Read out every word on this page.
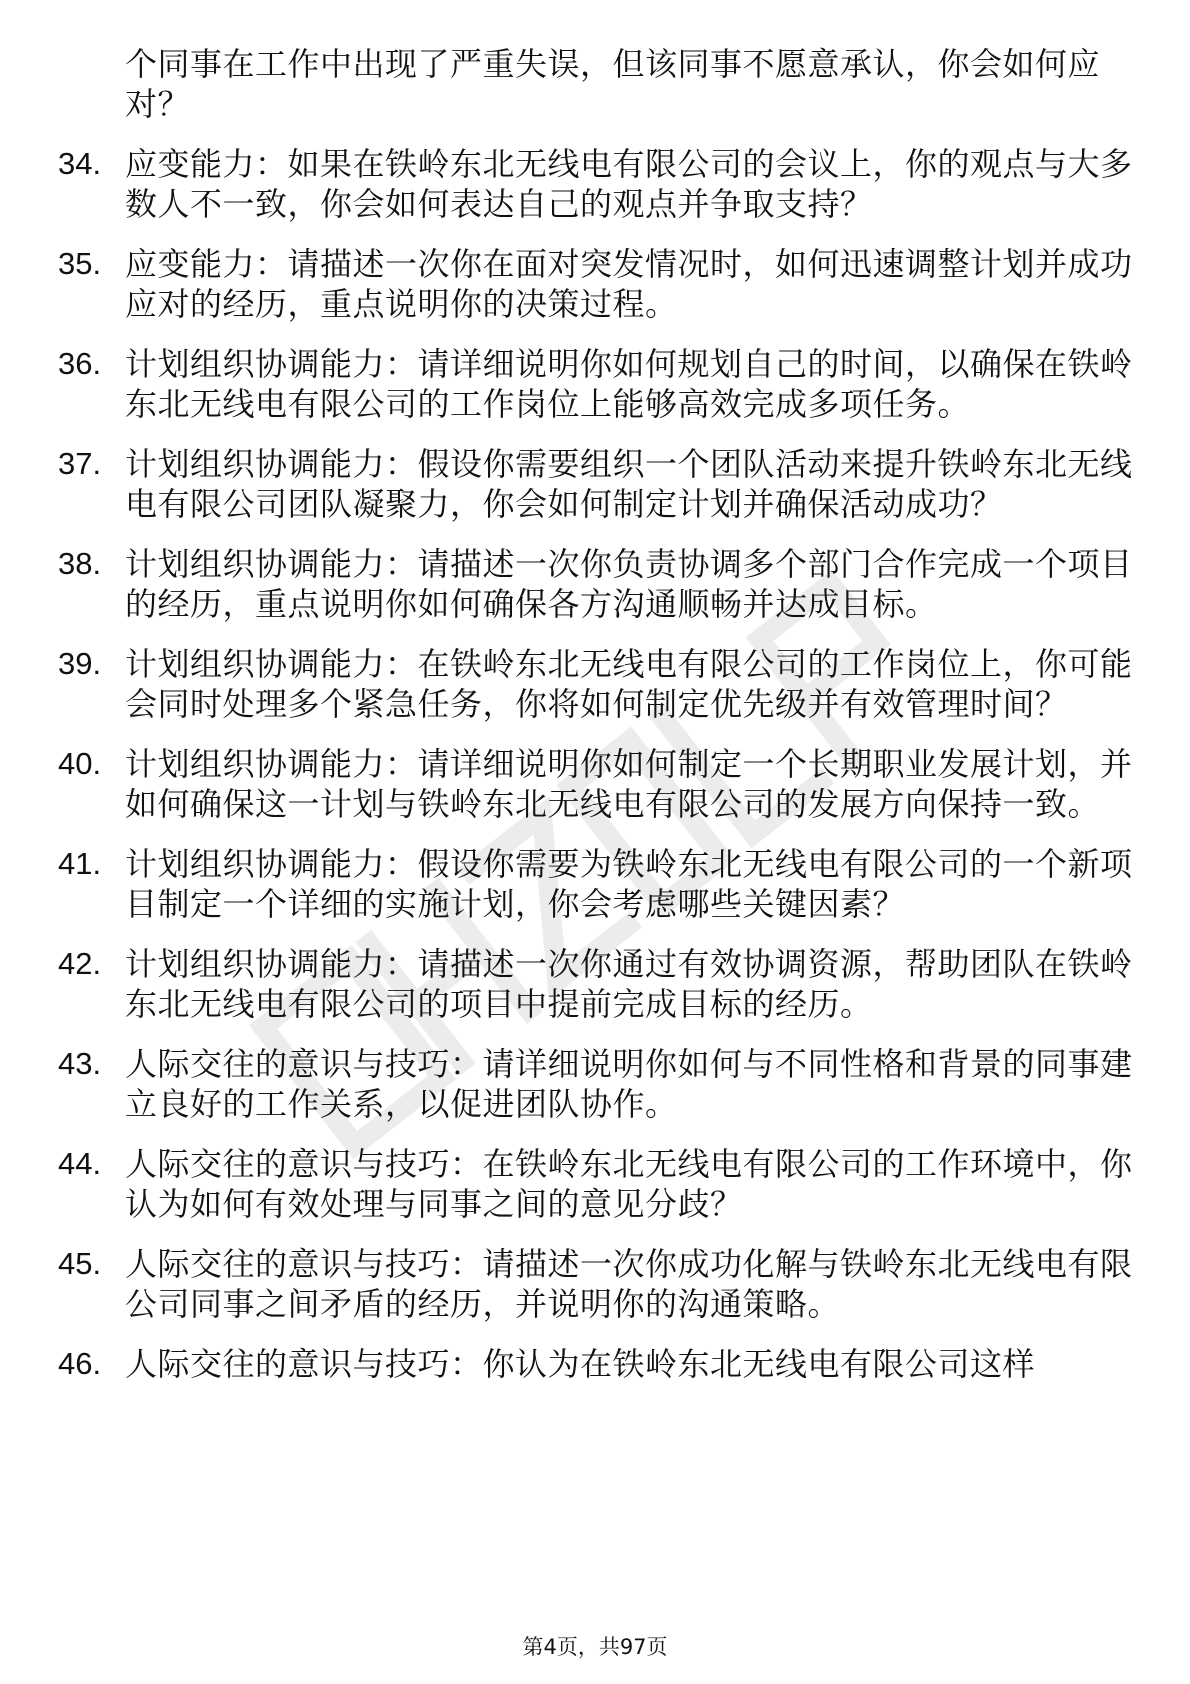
个同事在工作中出现了严重失误，但该同事不愿意承认，你会如何应对？
34. 应变能力：如果在铁岭东北无线电有限公司的会议上，你的观点与大多数人不一致，你会如何表达自己的观点并争取支持？
35. 应变能力：请描述一次你在面对突发情况时，如何迅速调整计划并成功应对的经历，重点说明你的决策过程。
36. 计划组织协调能力：请详细说明你如何规划自己的时间，以确保在铁岭东北无线电有限公司的工作岗位上能够高效完成多项任务。
37. 计划组织协调能力：假设你需要组织一个团队活动来提升铁岭东北无线电有限公司团队凝聚力，你会如何制定计划并确保活动成功？
38. 计划组织协调能力：请描述一次你负责协调多个部门合作完成一个项目的经历，重点说明你如何确保各方沟通顺畅并达成目标。
39. 计划组织协调能力：在铁岭东北无线电有限公司的工作岗位上，你可能会同时处理多个紧急任务，你将如何制定优先级并有效管理时间？
40. 计划组织协调能力：请详细说明你如何制定一个长期职业发展计划，并如何确保这一计划与铁岭东北无线电有限公司的发展方向保持一致。
41. 计划组织协调能力：假设你需要为铁岭东北无线电有限公司的一个新项目制定一个详细的实施计划，你会考虑哪些关键因素？
42. 计划组织协调能力：请描述一次你通过有效协调资源，帮助团队在铁岭东北无线电有限公司的项目中提前完成目标的经历。
43. 人际交往的意识与技巧：请详细说明你如何与不同性格和背景的同事建立良好的工作关系，以促进团队协作。
44. 人际交往的意识与技巧：在铁岭东北无线电有限公司的工作环境中，你认为如何有效处理与同事之间的意见分歧？
45. 人际交往的意识与技巧：请描述一次你成功化解与铁岭东北无线电有限公司同事之间矛盾的经历，并说明你的沟通策略。
46. 人际交往的意识与技巧：你认为在铁岭东北无线电有限公司这样
第4页，共97页
